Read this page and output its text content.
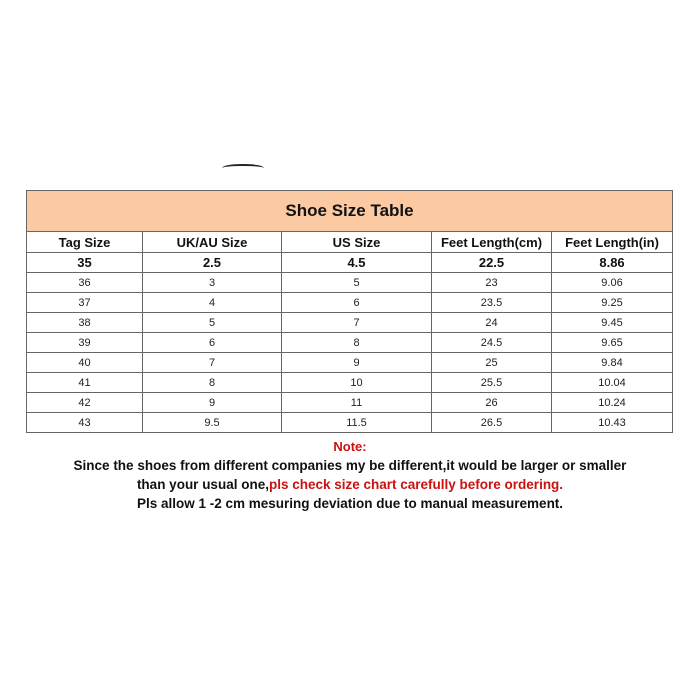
Shoe Size Table				
Tag Size	UK/AU Size	US Size	Feet Length(cm)	Feet Length(in)
35	2.5	4.5	22.5	8.86
36	3	5	23	9.06
37	4	6	23.5	9.25
38	5	7	24	9.45
39	6	8	24.5	9.65
40	7	9	25	9.84
41	8	10	25.5	10.04
42	9	11	26	10.24
43	9.5	11.5	26.5	10.43
Note:
Since the shoes from different companies my be different,it would be larger or smaller
than your usual one,pls check size chart carefully before ordering.
Pls allow 1 -2 cm mesuring deviation due to manual measurement.
